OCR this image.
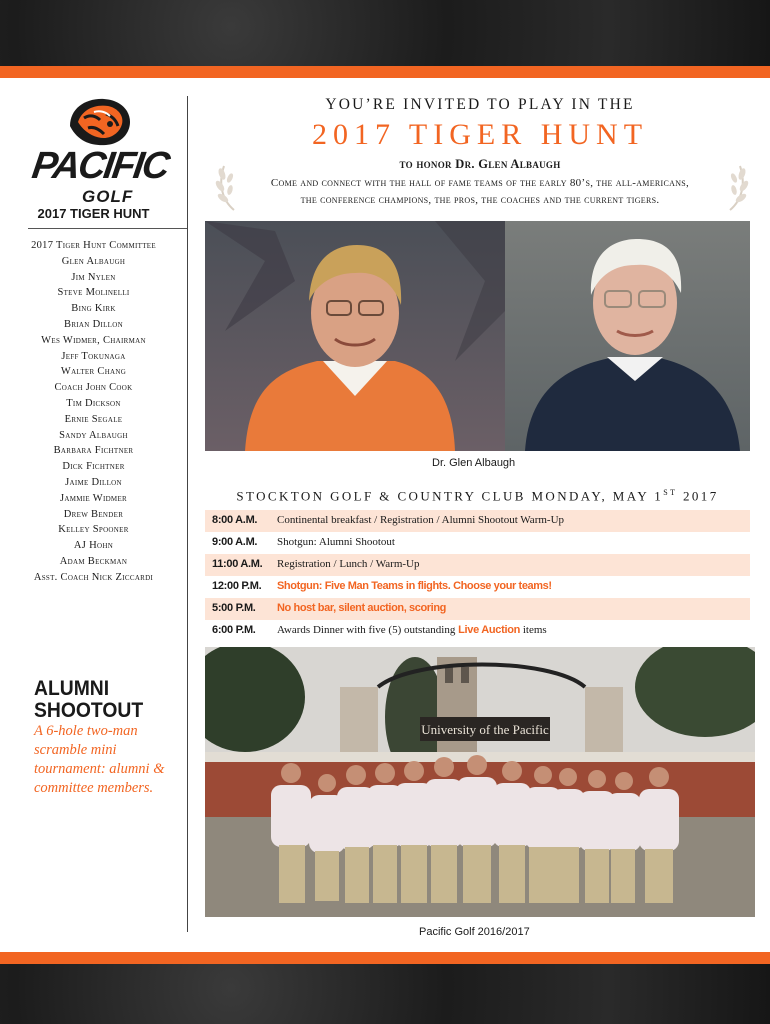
PACIFIC
GOLF
2017 TIGER HUNT
2017 Tiger Hunt Committee
Glen Albaugh
Jim Nylen
Steve Molinelli
Bing Kirk
Brian Dillon
Wes Widmer, Chairman
Jeff Tokunaga
Walter Chang
Coach John Cook
Tim Dickson
Ernie Segale
Sandy Albaugh
Barbara Fichtner
Dick Fichtner
Jaime Dillon
Jammie Widmer
Drew Bender
Kelley Spooner
AJ Hohn
Adam Beckman
Asst. Coach Nick Ziccardi
ALUMNI
SHOOTOUT
A 6-hole two-man scramble mini tournament: alumni & committee members.
YOU’RE INVITED TO PLAY IN THE
2017 TIGER HUNT
to honor Dr. Glen Albaugh
Come and connect with the hall of fame teams of the early 80’s, the all-americans,
the conference champions, the pros, the coaches and the current tigers.
Dr. Glen Albaugh
STOCKTON GOLF & COUNTRY CLUB MONDAY, MAY 1ST 2017
8:00 A.M.	Continental breakfast / Registration / Alumni Shootout Warm-Up
9:00 A.M.	Shotgun: Alumni Shootout
11:00 A.M.	Registration / Lunch / Warm-Up
12:00 P.M.	Shotgun: Five Man Teams in flights. Choose your teams!
5:00 P.M.	No host bar, silent auction, scoring
6:00 P.M.	Awards Dinner with five (5) outstanding Live Auction items
University of the Pacific
Pacific Golf 2016/2017
